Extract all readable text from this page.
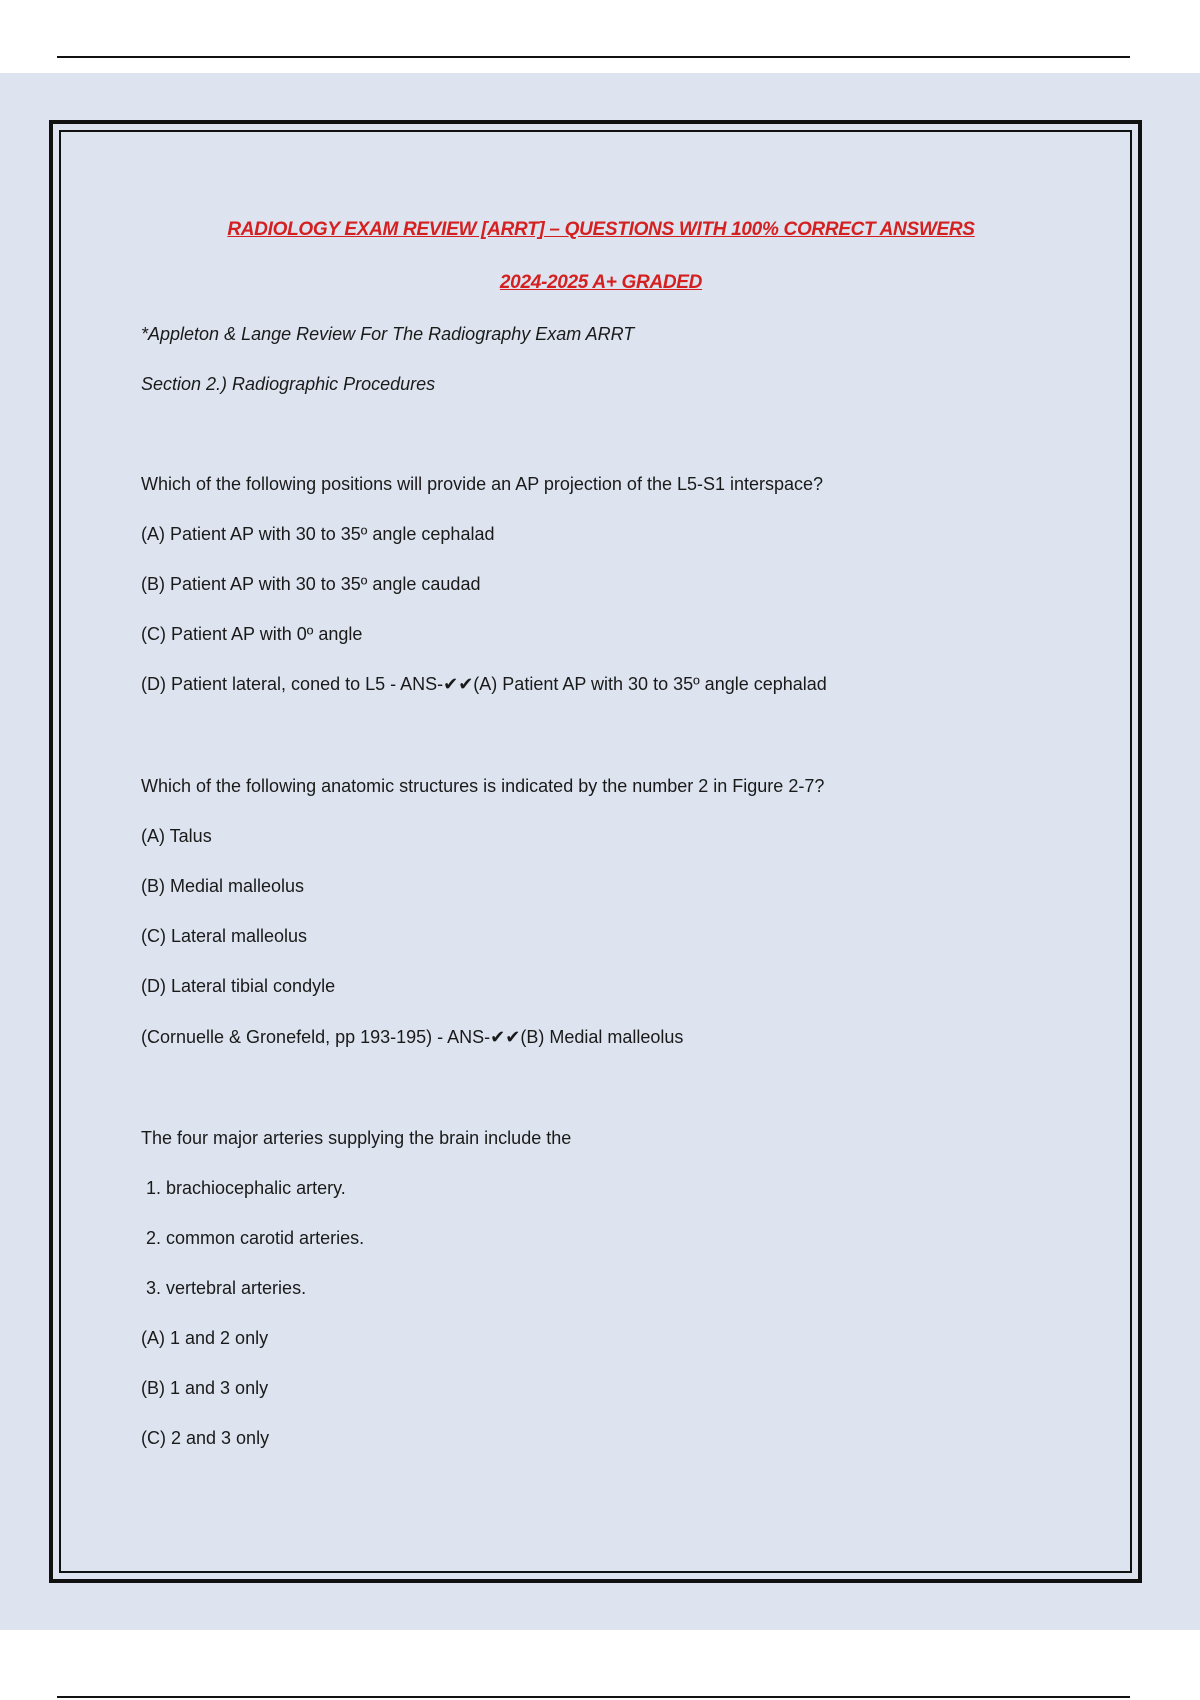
RADIOLOGY EXAM REVIEW [ARRT] – QUESTIONS WITH 100% CORRECT ANSWERS
2024-2025 A+ GRADED
*Appleton & Lange Review For The Radiography Exam ARRT
Section 2.) Radiographic Procedures
Which of the following positions will provide an AP projection of the L5-S1 interspace?
(A) Patient AP with 30 to 35º angle cephalad
(B) Patient AP with 30 to 35º angle caudad
(C) Patient AP with 0º angle
(D) Patient lateral, coned to L5 - ANS-✔✔(A) Patient AP with 30 to 35º angle cephalad
Which of the following anatomic structures is indicated by the number 2 in Figure 2-7?
(A) Talus
(B) Medial malleolus
(C) Lateral malleolus
(D) Lateral tibial condyle
(Cornuelle & Gronefeld, pp 193-195) - ANS-✔✔(B) Medial malleolus
The four major arteries supplying the brain include the
1. brachiocephalic artery.
2. common carotid arteries.
3. vertebral arteries.
(A) 1 and 2 only
(B) 1 and 3 only
(C) 2 and 3 only
